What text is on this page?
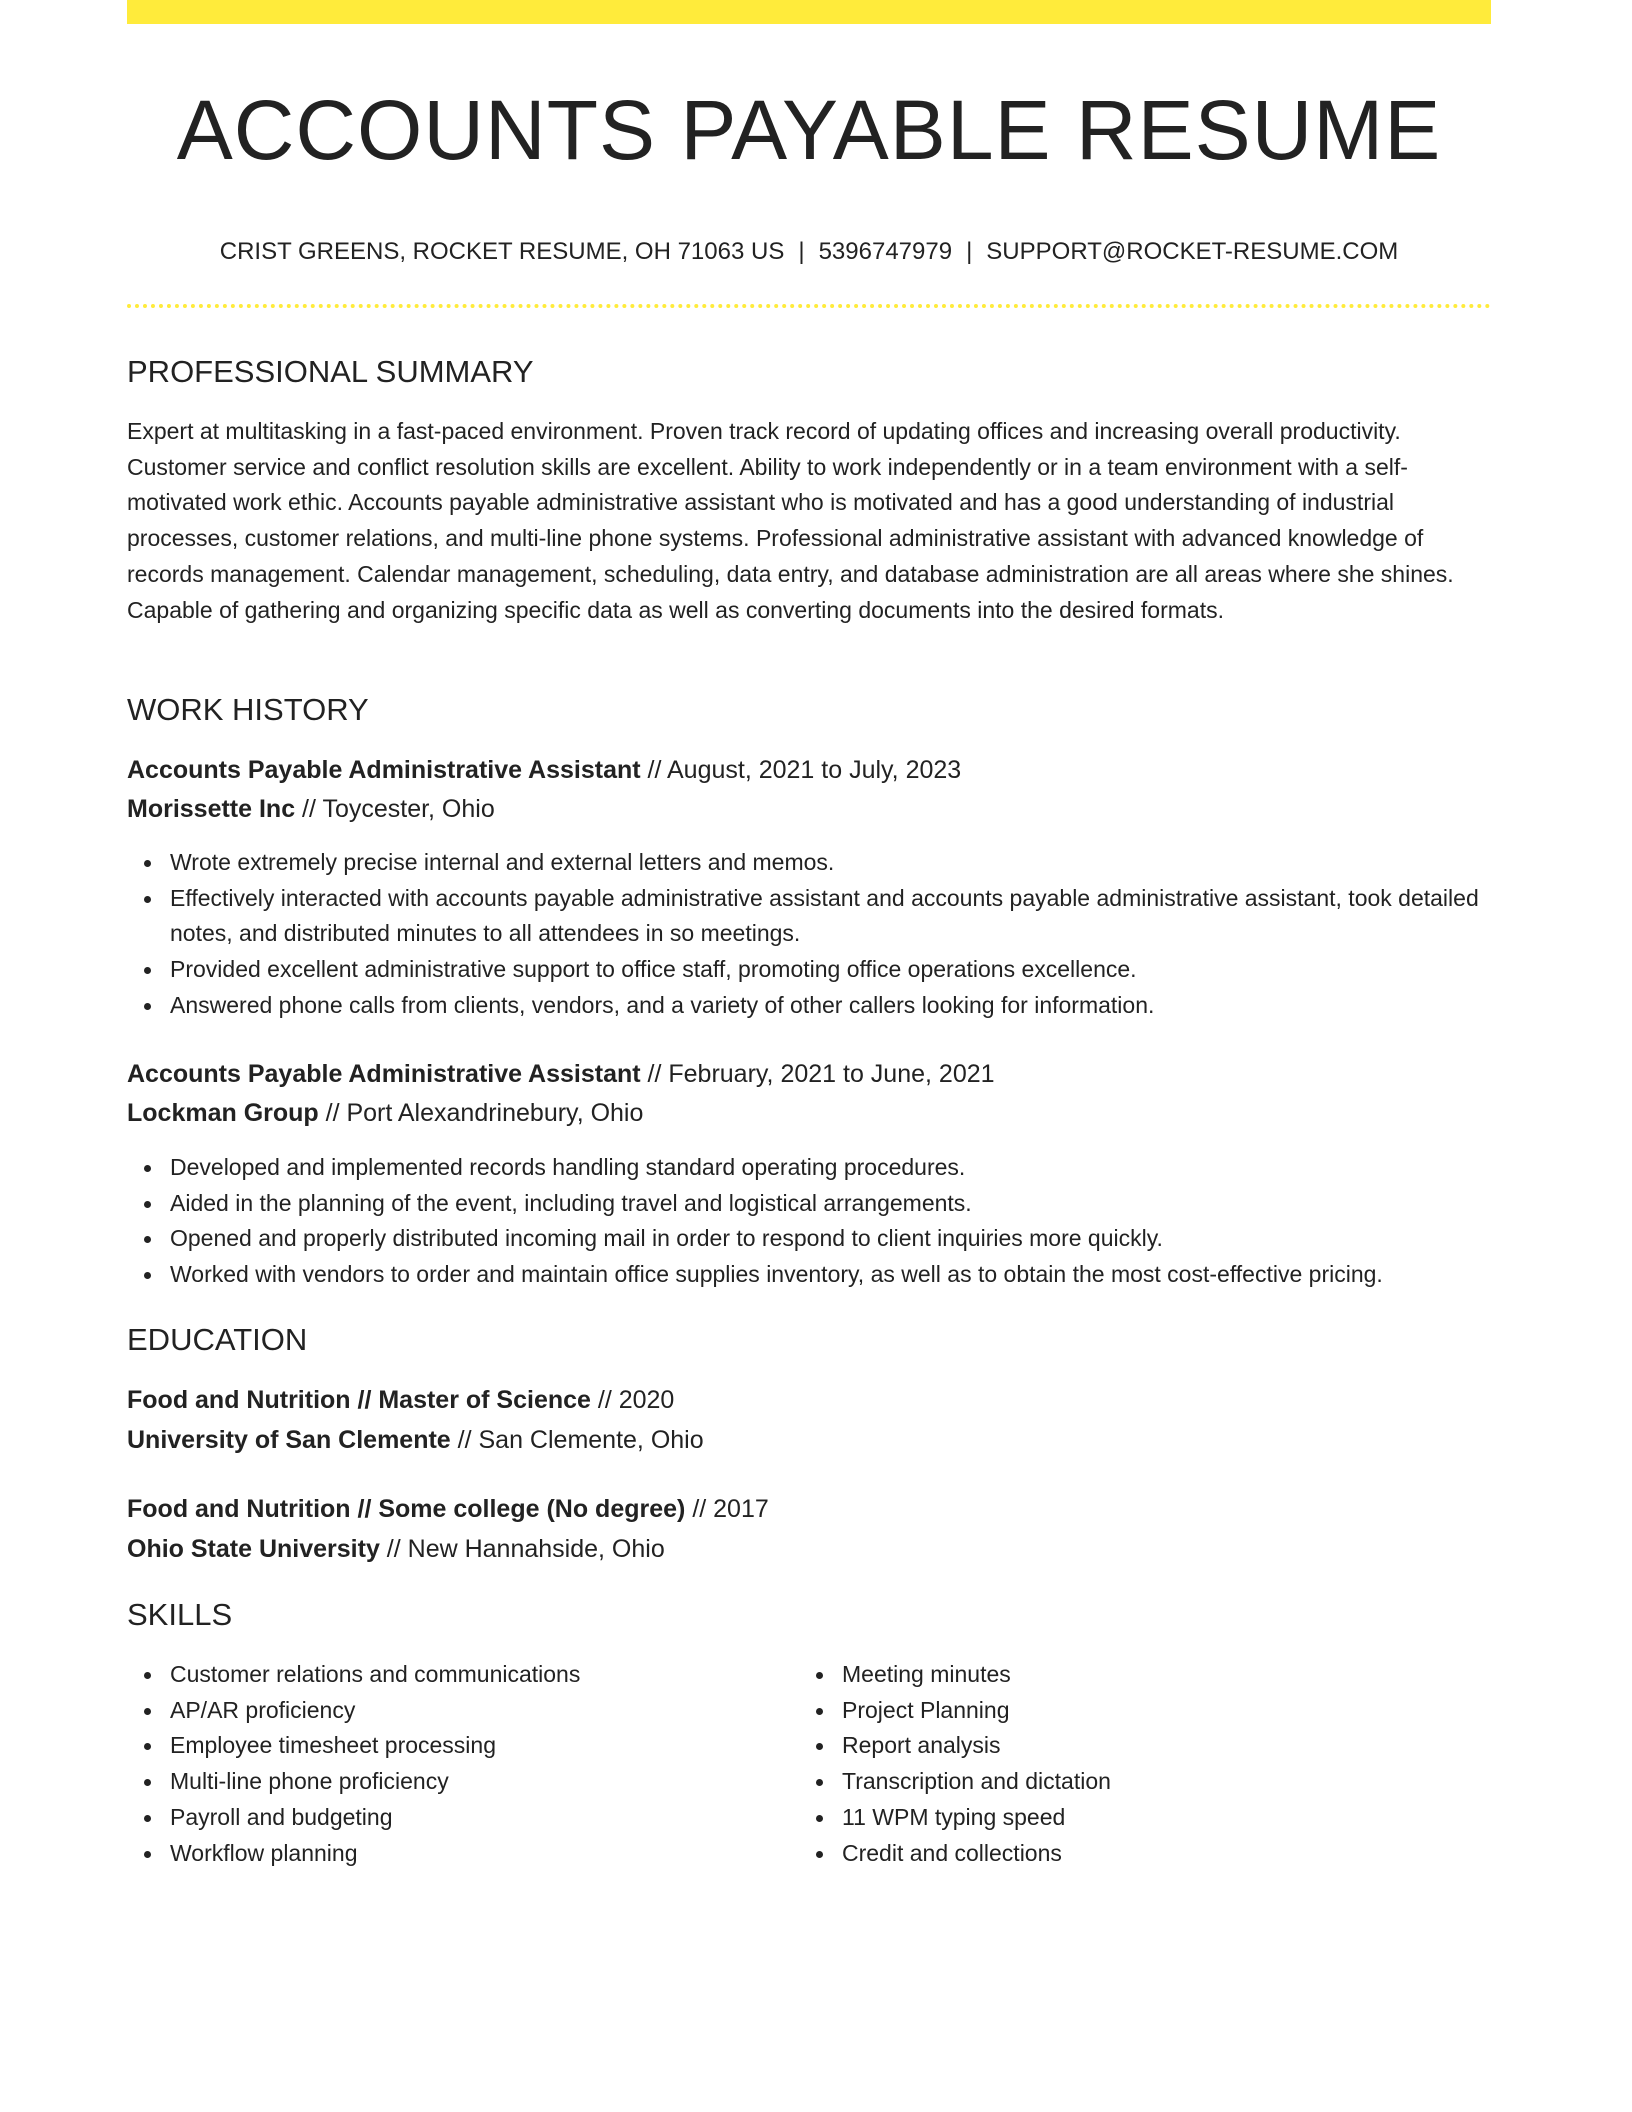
ACCOUNTS PAYABLE RESUME
CRIST GREENS, ROCKET RESUME, OH 71063 US | 5396747979 | SUPPORT@ROCKET-RESUME.COM
PROFESSIONAL SUMMARY

Expert at multitasking in a fast-paced environment. Proven track record of updating offices and increasing overall productivity. Customer service and conflict resolution skills are excellent. Ability to work independently or in a team environment with a self-motivated work ethic. Accounts payable administrative assistant who is motivated and has a good understanding of industrial processes, customer relations, and multi-line phone systems. Professional administrative assistant with advanced knowledge of records management. Calendar management, scheduling, data entry, and database administration are all areas where she shines. Capable of gathering and organizing specific data as well as converting documents into the desired formats.

WORK HISTORY
Accounts Payable Administrative Assistant // August, 2021 to July, 2023
Morissette Inc // Toycester, Ohio
Wrote extremely precise internal and external letters and memos.
Effectively interacted with accounts payable administrative assistant and accounts payable administrative assistant, took detailed notes, and distributed minutes to all attendees in so meetings.
Provided excellent administrative support to office staff, promoting office operations excellence.
Answered phone calls from clients, vendors, and a variety of other callers looking for information.
Accounts Payable Administrative Assistant // February, 2021 to June, 2021
Lockman Group // Port Alexandrinebury, Ohio
Developed and implemented records handling standard operating procedures.
Aided in the planning of the event, including travel and logistical arrangements.
Opened and properly distributed incoming mail in order to respond to client inquiries more quickly.
Worked with vendors to order and maintain office supplies inventory, as well as to obtain the most cost-effective pricing.
EDUCATION
Food and Nutrition // Master of Science // 2020
University of San Clemente // San Clemente, Ohio
Food and Nutrition // Some college (No degree) // 2017
Ohio State University // New Hannahside, Ohio
SKILLS
Customer relations and communications
AP/AR proficiency
Employee timesheet processing
Multi-line phone proficiency
Payroll and budgeting
Workflow planning
Meeting minutes
Project Planning
Report analysis
Transcription and dictation
11 WPM typing speed
Credit and collections
